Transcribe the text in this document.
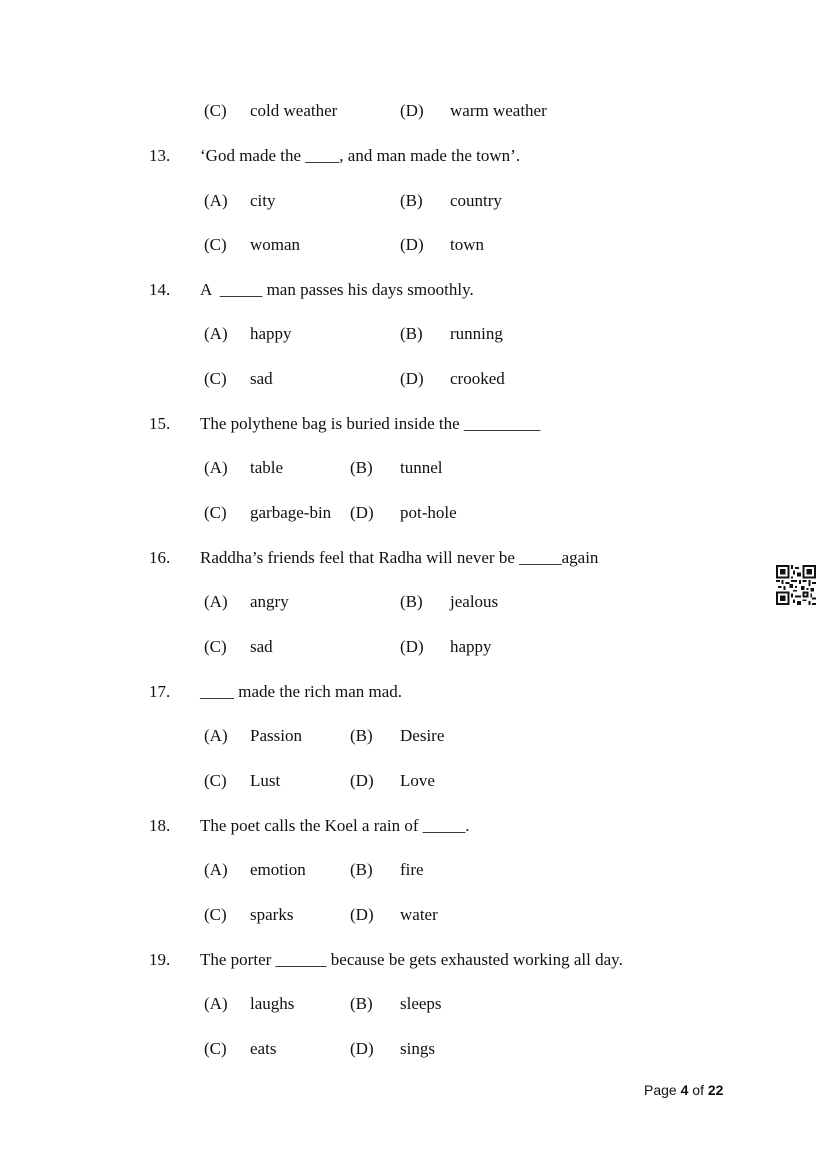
(C) cold weather	(D) warm weather
13. ‘God made the ____, and man made the town’.
(A) city	(B) country
(C) woman	(D) town
14. A  _____ man passes his days smoothly.
(A) happy	(B) running
(C) sad	(D) crooked
15. The polythene bag is buried inside the _________
(A) table	(B) tunnel
(C) garbage-bin (D) pot-hole
16. Raddha’s friends feel that Radha will never be _____again
(A) angry	(B) jealous
(C) sad	(D) happy
17. ____ made the rich man mad.
(A) Passion	(B) Desire
(C) Lust	(D) Love
18. The poet calls the Koel a rain of _____.
(A) emotion	(B) fire
(C) sparks	(D) water
19. The porter ______ because be gets exhausted working all day.
(A) laughs	(B) sleeps
(C) eats	(D) sings
Page 4 of 22
